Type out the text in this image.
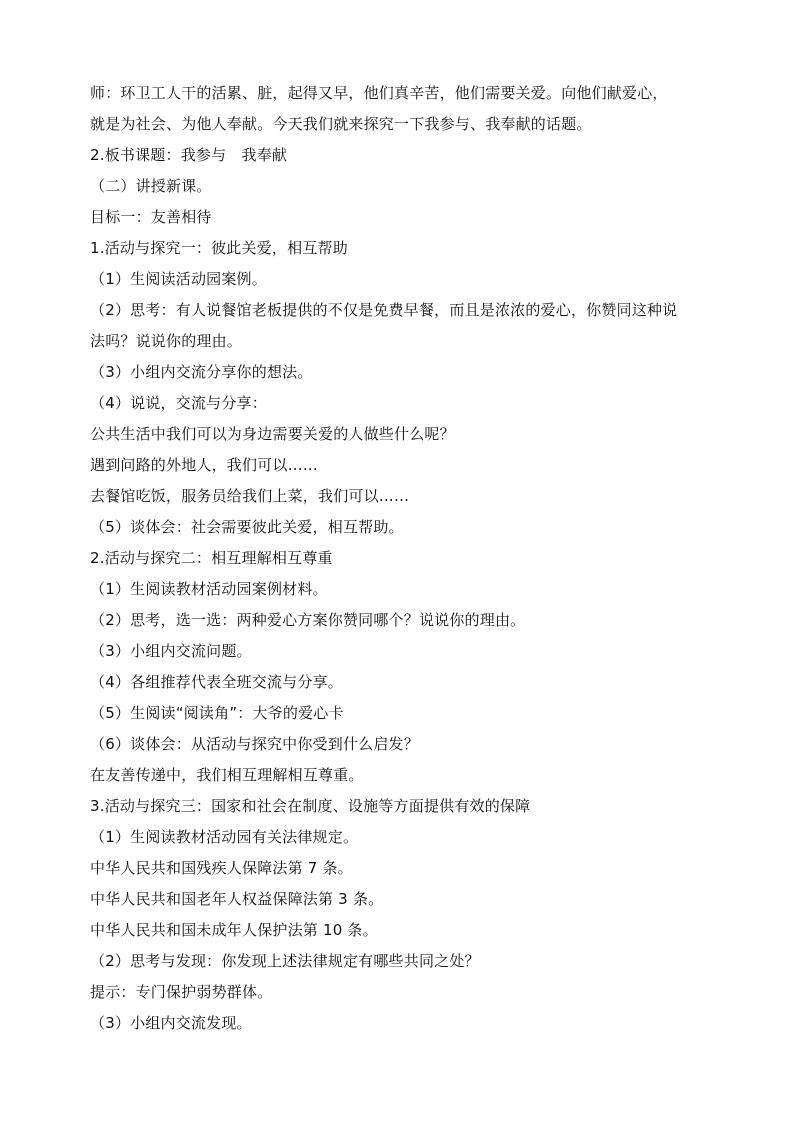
师：环卫工人干的活累、脏，起得又早，他们真辛苦，他们需要关爱。向他们献爱心，
就是为社会、为他人奉献。今天我们就来探究一下我参与、我奉献的话题。
2.板书课题：我参与　我奉献
（二）讲授新课。
目标一：友善相待
1.活动与探究一：彼此关爱，相互帮助
（1）生阅读活动园案例。
（2）思考：有人说餐馆老板提供的不仅是免费早餐，而且是浓浓的爱心，你赞同这种说
法吗？说说你的理由。
（3）小组内交流分享你的想法。
（4）说说，交流与分享：
公共生活中我们可以为身边需要关爱的人做些什么呢？
遇到问路的外地人，我们可以……
去餐馆吃饭，服务员给我们上菜，我们可以……
（5）谈体会：社会需要彼此关爱，相互帮助。
2.活动与探究二：相互理解相互尊重
（1）生阅读教材活动园案例材料。
（2）思考，选一选：两种爱心方案你赞同哪个？说说你的理由。
（3）小组内交流问题。
（4）各组推荐代表全班交流与分享。
（5）生阅读“阅读角”：大爷的爱心卡
（6）谈体会：从活动与探究中你受到什么启发？
在友善传递中，我们相互理解相互尊重。
3.活动与探究三：国家和社会在制度、设施等方面提供有效的保障
（1）生阅读教材活动园有关法律规定。
中华人民共和国残疾人保障法第 7 条。
中华人民共和国老年人权益保障法第 3 条。
中华人民共和国未成年人保护法第 10 条。
（2）思考与发现：你发现上述法律规定有哪些共同之处？
提示：专门保护弱势群体。
（3）小组内交流发现。
